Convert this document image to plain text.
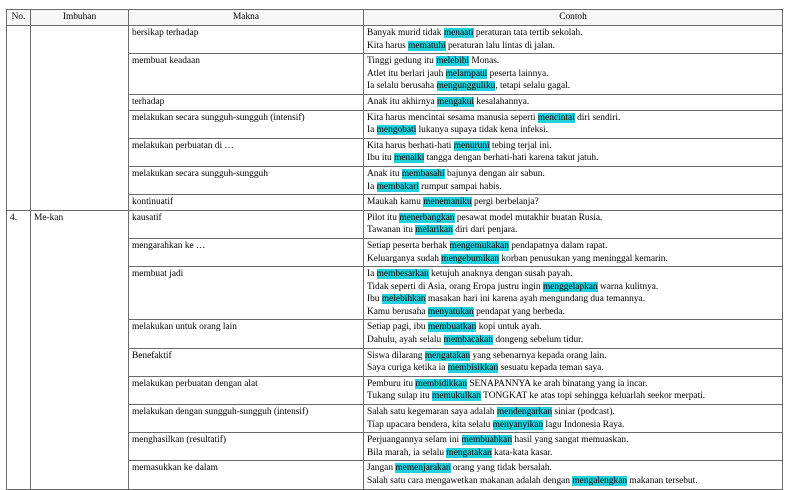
No.	Imbuhan	Makna	Contoh
		bersikap terhadap	Banyak murid tidak menaati peraturan tata tertib sekolah.
Kita harus mematuhi peraturan lalu lintas di jalan.

		membuat keadaan	Tinggi gedung itu melebihi Monas.
Atlet itu berlari jauh melampaui peserta lainnya.
Ia selalu berusaha mengungguliku, tetapi selalu gagal.

		terhadap	Anak itu akhirnya mengakui kesalahannya.

		melakukan secara sungguh-sungguh (intensif)	Kita harus mencintai sesama manusia seperti mencintai diri sendiri.
Ia mengobati lukanya supaya tidak kena infeksi.

		melakukan perbuatan di …	Kita harus berhati-hati menuruni tebing terjal ini.
Ibu itu menaiki tangga dengan berhati-hati karena takut jatuh.

		melakukan secara sungguh-sungguh	Anak itu membasahi bajunya dengan air sabun.
Ia membakari rumput sampai habis.

		kontinuatif	Maukah kamu menemaniku pergi berbelanja?

4.	Me-kan	kausatif	Pilot itu menerbangkan pesawat model mutakhir buatan Rusia.
Tawanan itu melarikan diri dari penjara.

		mengarahkan ke …	Setiap peserta berhak mengemukakan pendapatnya dalam rapat.
Keluarganya sudah mengebumikan korban penusukan yang meninggal kemarin.

		membuat jadi	Ia membesarkan ketujuh anaknya dengan susah payah.
Tidak seperti di Asia, orang Eropa justru ingin menggelapkan warna kulitnya.
Ibu melebihkan masakan hari ini karena ayah mengundang dua temannya.
Kamu berusaha menyatukan pendapat yang berbeda.

		melakukan untuk orang lain	Setiap pagi, ibu membuatkan kopi untuk ayah.
Dahulu, ayah selalu membacakan dongeng sebelum tidur.

		Benefaktif	Siswa dilarang mengatakan yang sebenarnya kepada orang lain.
Saya curiga ketika ia membisikkan sesuatu kepada teman saya.

		melakukan perbuatan dengan alat	Pemburu itu membidikkan SENAPANNYA ke arah binatang yang ia incar.
Tukang sulap itu memukulkan TONGKAT ke atas topi sehingga keluarlah seekor merpati.

		melakukan dengan sungguh-sungguh (intensif)	Salah satu kegemaran saya adalah mendengarkan siniar (podcast).
Tiap upacara bendera, kita selalu menyanyikan lagu Indonesia Raya.

		menghasilkan (resultatif)	Perjuangannya selam ini membuahkan hasil yang sangat memuaskan.
Bila marah, ia selalu mengatakan kata-kata kasar.

		memasukkan ke dalam	Jangan memenjarakan orang yang tidak bersalah.
Salah satu cara mengawetkan makanan adalah dengan mengalengkan makanan tersebut.
